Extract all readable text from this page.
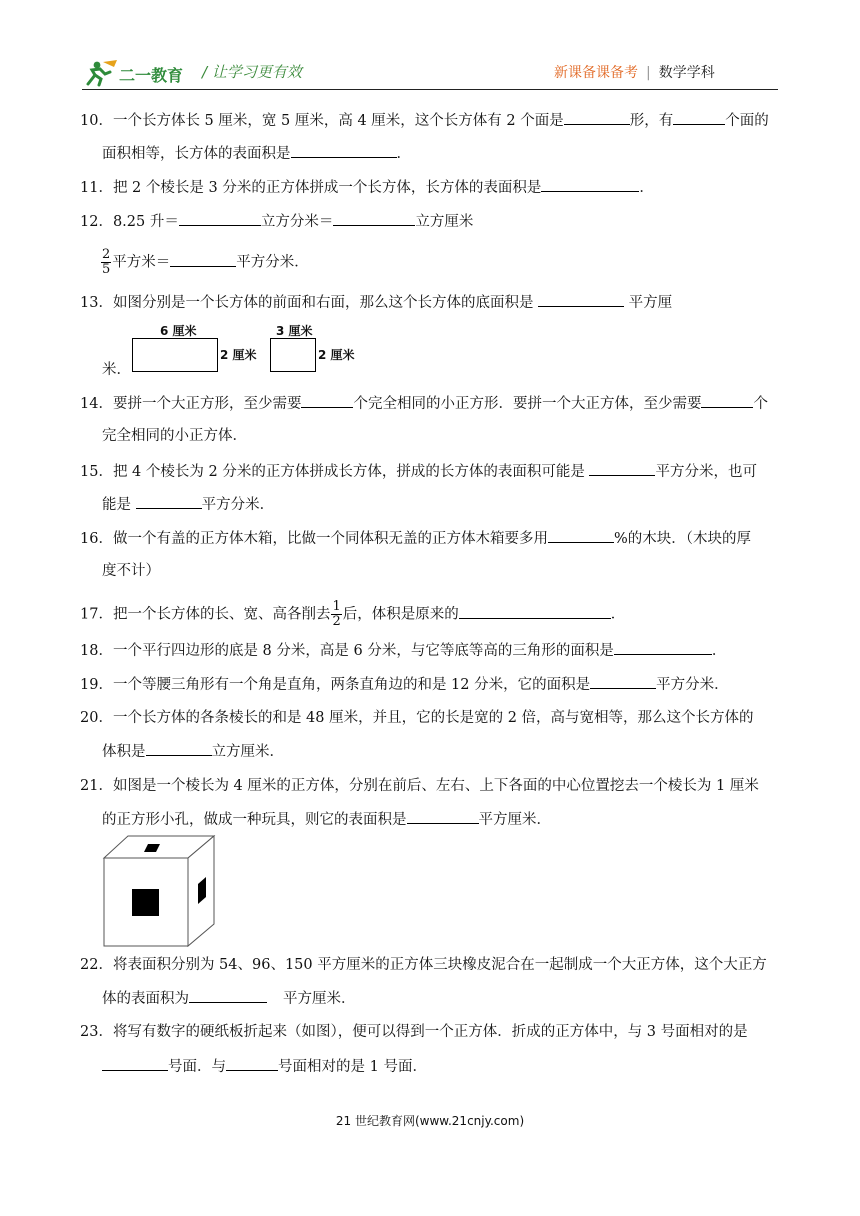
二一教育 / 让学习更有效	新课备课备考 | 数学学科
10．一个长方体长 5 厘米，宽 5 厘米，高 4 厘米，这个长方体有 2 个面是	形，有	个面的
面积相等，长方体的表面积是	．
11．把 2 个棱长是 3 分米的正方体拼成一个长方体，长方体的表面积是	．
12．8.25 升＝	立方分米＝	立方厘米
$\frac{2}{5}$ 平方米＝	平方分米．
13．如图分别是一个长方体的前面和右面，那么这个长方体的底面积是	平方厘
6 厘米
2 厘米
3 厘米
2 厘米
米．
14．要拼一个大正方形，至少需要	个完全相同的小正方形．要拼一个大正方体，至少需要	个
完全相同的小正方体．
15．把 4 个棱长为 2 分米的正方体拼成长方体，拼成的长方体的表面积可能是	平方分米，也可
能是	平方分米．
16．做一个有盖的正方体木箱，比做一个同体积无盖的正方体木箱要多用	%的木块．（木块的厚
度不计）
17．把一个长方体的长、宽、高各削去 $\frac{1}{2}$ 后，体积是原来的	．
18．一个平行四边形的底是 8 分米，高是 6 分米，与它等底等高的三角形的面积是	．
19．一个等腰三角形有一个角是直角，两条直角边的和是 12 分米，它的面积是	平方分米．
20．一个长方体的各条棱长的和是 48 厘米，并且，它的长是宽的 2 倍，高与宽相等，那么这个长方体的
体积是	立方厘米．
21．如图是一个棱长为 4 厘米的正方体，分别在前后、左右、上下各面的中心位置挖去一个棱长为 1 厘米
的正方形小孔，做成一种玩具，则它的表面积是	平方厘米．
22．将表面积分别为 54、96、150 平方厘米的正方体三块橡皮泥合在一起制成一个大正方体，这个大正方
体的表面积为	平方厘米．
23．将写有数字的硬纸板折起来（如图），便可以得到一个正方体．折成的正方体中，与 3 号面相对的是
号面．与	号面相对的是 1 号面．
21 世纪教育网(www.21cnjy.com)
